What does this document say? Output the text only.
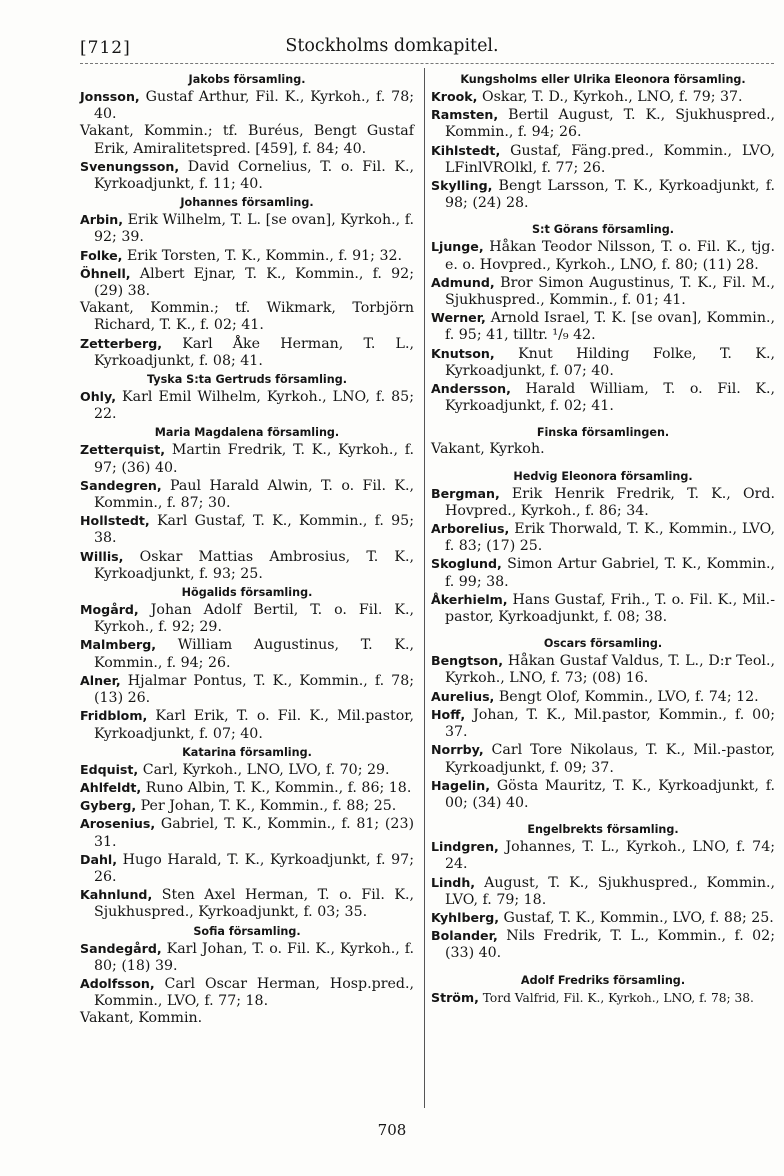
[712]	Stockholms domkapitel.
Jakobs församling.

Jonsson, Gustaf Arthur, Fil. K., Kyrkoh., f. 78; 40.

Vakant, Kommin.; tf. Buréus, Bengt Gustaf Erik, Amiralitetspred. [459], f. 84; 40.

Svenungsson, David Cornelius, T. o. Fil. K., Kyrkoadjunkt, f. 11; 40.

Johannes församling.

Arbin, Erik Wilhelm, T. L. [se ovan], Kyrkoh., f. 92; 39.

Folke, Erik Torsten, T. K., Kommin., f. 91; 32.

Öhnell, Albert Ejnar, T. K., Kommin., f. 92; (29) 38.

Vakant, Kommin.; tf. Wikmark, Torbjörn Richard, T. K., f. 02; 41.

Zetterberg, Karl Åke Herman, T. L., Kyrkoadjunkt, f. 08; 41.

Tyska S:ta Gertruds församling.

Ohly, Karl Emil Wilhelm, Kyrkoh., LNO, f. 85; 22.

Maria Magdalena församling.

Zetterquist, Martin Fredrik, T. K., Kyrkoh., f. 97; (36) 40.

Sandegren, Paul Harald Alwin, T. o. Fil. K., Kommin., f. 87; 30.

Hollstedt, Karl Gustaf, T. K., Kommin., f. 95; 38.

Willis, Oskar Mattias Ambrosius, T. K., Kyrkoadjunkt, f. 93; 25.

Högalids församling.

Mogård, Johan Adolf Bertil, T. o. Fil. K., Kyrkoh., f. 92; 29.

Malmberg, William Augustinus, T. K., Kommin., f. 94; 26.

Alner, Hjalmar Pontus, T. K., Kommin., f. 78; (13) 26.

Fridblom, Karl Erik, T. o. Fil. K., Mil.pastor, Kyrkoadjunkt, f. 07; 40.

Katarina församling.

Edquist, Carl, Kyrkoh., LNO, LVO, f. 70; 29.

Ahlfeldt, Runo Albin, T. K., Kommin., f. 86; 18.

Gyberg, Per Johan, T. K., Kommin., f. 88; 25.

Arosenius, Gabriel, T. K., Kommin., f. 81; (23) 31.

Dahl, Hugo Harald, T. K., Kyrkoadjunkt, f. 97; 26.

Kahnlund, Sten Axel Herman, T. o. Fil. K., Sjukhuspred., Kyrkoadjunkt, f. 03; 35.

Sofia församling.

Sandegård, Karl Johan, T. o. Fil. K., Kyrkoh., f. 80; (18) 39.

Adolfsson, Carl Oscar Herman, Hosp.pred., Kommin., LVO, f. 77; 18.

Vakant, Kommin.

Kungsholms eller Ulrika Eleonora församling.

Krook, Oskar, T. D., Kyrkoh., LNO, f. 79; 37.

Ramsten, Bertil August, T. K., Sjukhuspred., Kommin., f. 94; 26.

Kihlstedt, Gustaf, Fäng.pred., Kommin., LVO, LFinlVROlkl, f. 77; 26.

Skylling, Bengt Larsson, T. K., Kyrkoadjunkt, f. 98; (24) 28.

S:t Görans församling.

Ljunge, Håkan Teodor Nilsson, T. o. Fil. K., tjg. e. o. Hovpred., Kyrkoh., LNO, f. 80; (11) 28.

Admund, Bror Simon Augustinus, T. K., Fil. M., Sjukhuspred., Kommin., f. 01; 41.

Werner, Arnold Israel, T. K. [se ovan], Kommin., f. 95; 41, tilltr. ¹/₉ 42.

Knutson, Knut Hilding Folke, T. K., Kyrkoadjunkt, f. 07; 40.

Andersson, Harald William, T. o. Fil. K., Kyrkoadjunkt, f. 02; 41.

Finska församlingen.

Vakant, Kyrkoh.

Hedvig Eleonora församling.

Bergman, Erik Henrik Fredrik, T. K., Ord. Hovpred., Kyrkoh., f. 86; 34.

Arborelius, Erik Thorwald, T. K., Kommin., LVO, f. 83; (17) 25.

Skoglund, Simon Artur Gabriel, T. K., Kommin., f. 99; 38.

Åkerhielm, Hans Gustaf, Frih., T. o. Fil. K., Mil.-pastor, Kyrkoadjunkt, f. 08; 38.

Oscars församling.

Bengtson, Håkan Gustaf Valdus, T. L., D:r Teol., Kyrkoh., LNO, f. 73; (08) 16.

Aurelius, Bengt Olof, Kommin., LVO, f. 74; 12.

Hoff, Johan, T. K., Mil.pastor, Kommin., f. 00; 37.

Norrby, Carl Tore Nikolaus, T. K., Mil.-pastor, Kyrkoadjunkt, f. 09; 37.

Hagelin, Gösta Mauritz, T. K., Kyrkoadjunkt, f. 00; (34) 40.

Engelbrekts församling.

Lindgren, Johannes, T. L., Kyrkoh., LNO, f. 74; 24.

Lindh, August, T. K., Sjukhuspred., Kommin., LVO, f. 79; 18.

Kyhlberg, Gustaf, T. K., Kommin., LVO, f. 88; 25.

Bolander, Nils Fredrik, T. L., Kommin., f. 02; (33) 40.

Adolf Fredriks församling.

Ström, Tord Valfrid, Fil. K., Kyrkoh., LNO, f. 78; 38.

708
